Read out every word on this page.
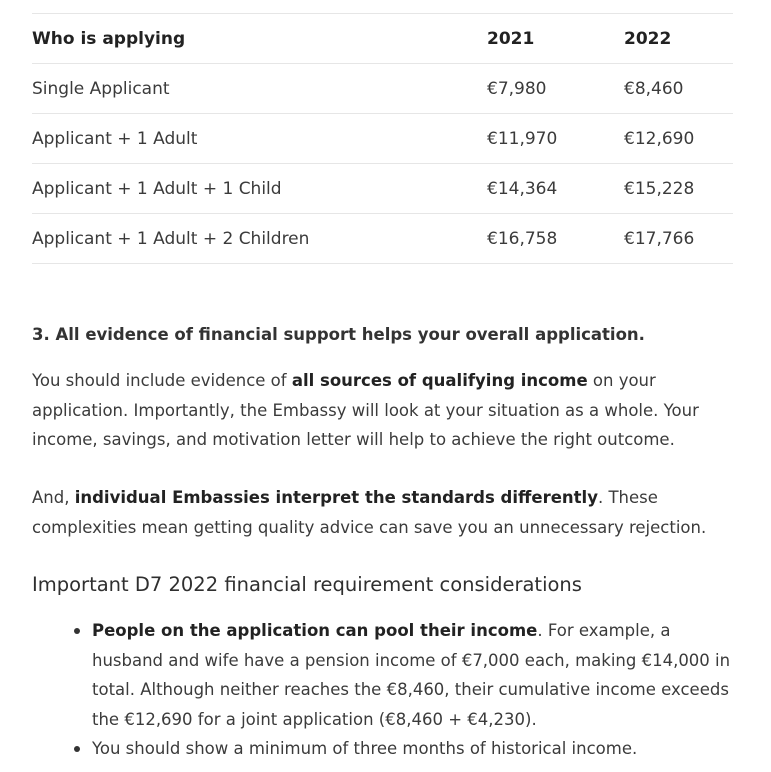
Who is applying	2021	2022
Single Applicant	€7,980	€8,460
Applicant + 1 Adult	€11,970	€12,690
Applicant + 1 Adult + 1 Child	€14,364	€15,228
Applicant + 1 Adult + 2 Children	€16,758	€17,766

3. All evidence of financial support helps your overall application.

You should include evidence of all sources of qualifying income on your application. Importantly, the Embassy will look at your situation as a whole. Your income, savings, and motivation letter will help to achieve the right outcome.

And, individual Embassies interpret the standards differently. These complexities mean getting quality advice can save you an unnecessary rejection.

Important D7 2022 financial requirement considerations
People on the application can pool their income. For example, a husband and wife have a pension income of €7,000 each, making €14,000 in total. Although neither reaches the €8,460, their cumulative income exceeds the €12,690 for a joint application (€8,460 + €4,230).
You should show a minimum of three months of historical income.
